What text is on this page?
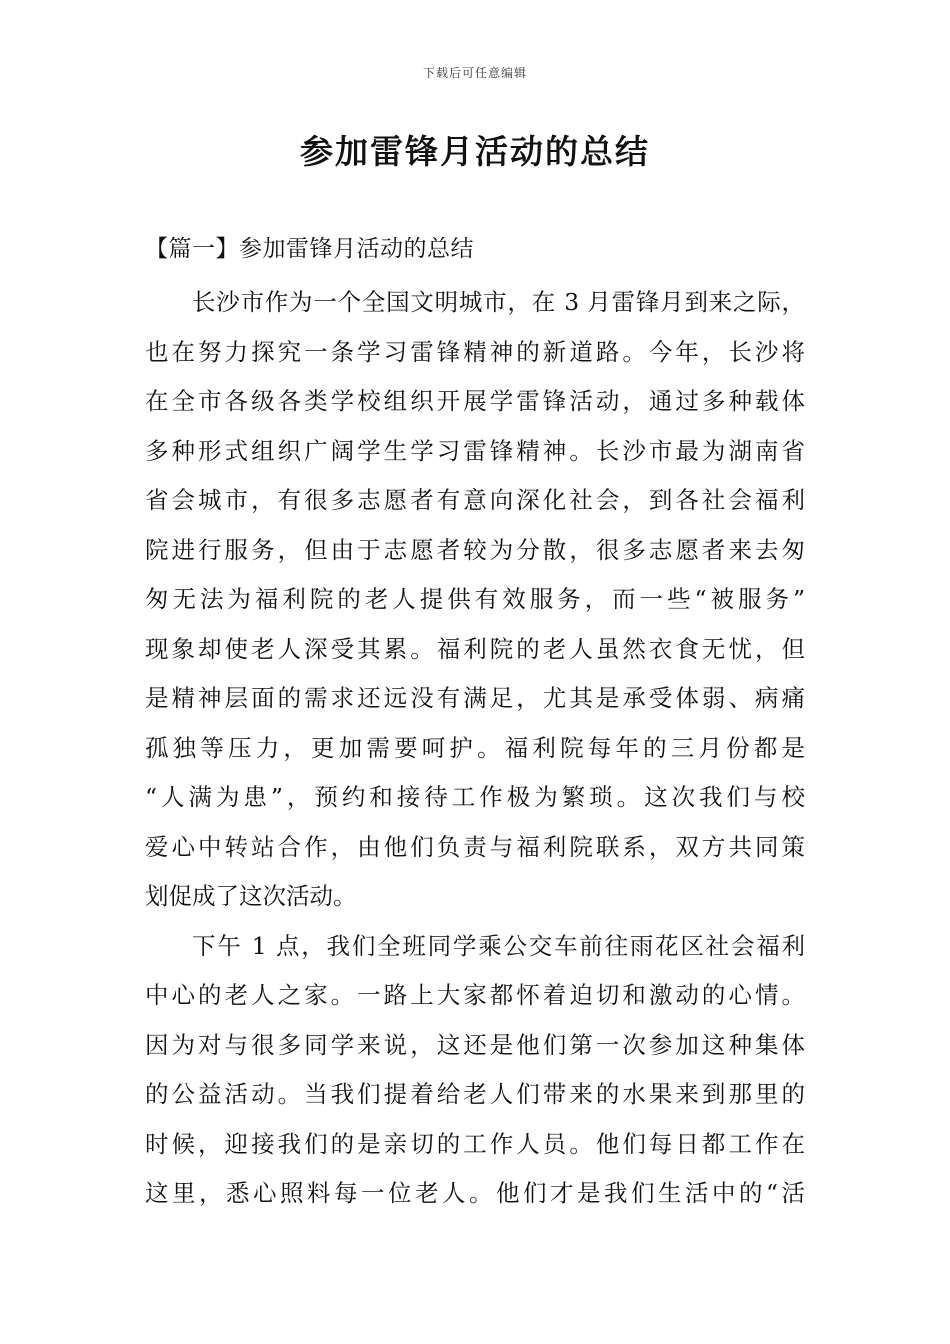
下载后可任意编辑
参加雷锋月活动的总结
【篇一】参加雷锋月活动的总结
长沙市作为一个全国文明城市，在 3 月雷锋月到来之际，
也在努力探究一条学习雷锋精神的新道路。今年，长沙将
在全市各级各类学校组织开展学雷锋活动，通过多种载体
多种形式组织广阔学生学习雷锋精神。长沙市最为湖南省
省会城市，有很多志愿者有意向深化社会，到各社会福利
院进行服务，但由于志愿者较为分散，很多志愿者来去匆
匆无法为福利院的老人提供有效服务，而一些“被服务”
现象却使老人深受其累。福利院的老人虽然衣食无忧，但
是精神层面的需求还远没有满足，尤其是承受体弱、病痛
孤独等压力，更加需要呵护。福利院每年的三月份都是
“人满为患”，预约和接待工作极为繁琐。这次我们与校
爱心中转站合作，由他们负责与福利院联系，双方共同策
划促成了这次活动。
下午 1 点，我们全班同学乘公交车前往雨花区社会福利
中心的老人之家。一路上大家都怀着迫切和激动的心情。
因为对与很多同学来说，这还是他们第一次参加这种集体
的公益活动。当我们提着给老人们带来的水果来到那里的
时候，迎接我们的是亲切的工作人员。他们每日都工作在
这里，悉心照料每一位老人。他们才是我们生活中的“活
